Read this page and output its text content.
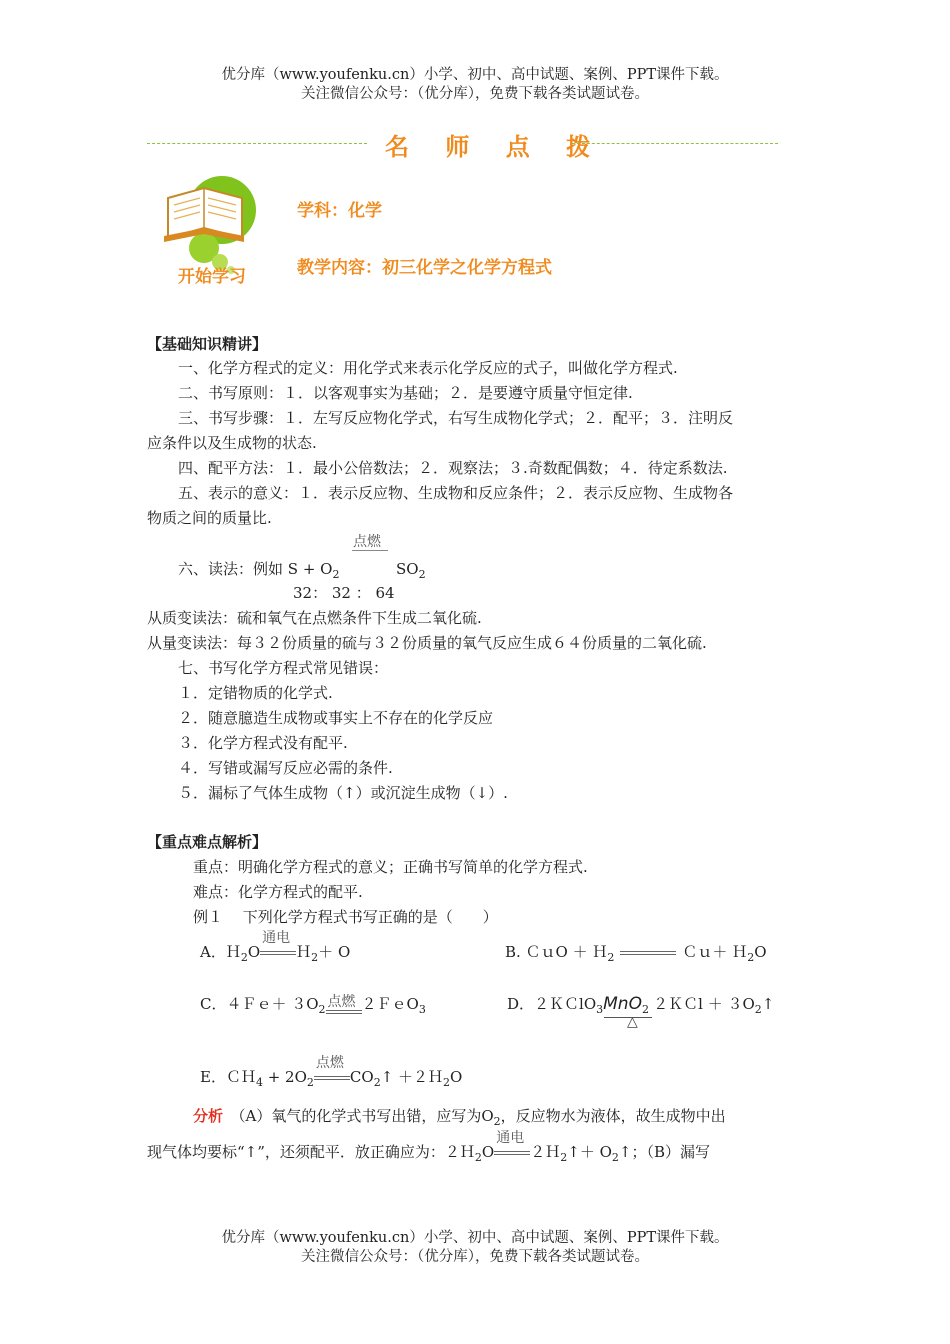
优分库（www.youfenku.cn）小学、初中、高中试题、案例、PPT课件下载。
关注微信公众号：（优分库），免费下载各类试题试卷。
名 师 点 拨
开始学习
学科：化学
教学内容：初三化学之化学方程式
【基础知识精讲】
一、化学方程式的定义：用化学式来表示化学反应的式子，叫做化学方程式.
二、书写原则：１．以客观事实为基础；２．是要遵守质量守恒定律.
三、书写步骤：１．左写反应物化学式，右写生成物化学式；２．配平；３．注明反
应条件以及生成物的状态.
四、配平方法：１．最小公倍数法；２．观察法；３.奇数配偶数；４．待定系数法.
五、表示的意义：１．表示反应物、生成物和反应条件；２．表示反应物、生成物各
物质之间的质量比.
点燃
六、读法：例如 $S + O_2$	$SO_2$
32： 32 ： 64
从质变读法：硫和氧气在点燃条件下生成二氧化硫.
从量变读法：每３２份质量的硫与３２份质量的氧气反应生成６４份质量的二氧化硫.
七、书写化学方程式常见错误：
１．定错物质的化学式.
２．随意臆造生成物或事实上不存在的化学反应
３．化学方程式没有配平.
４．写错或漏写反应必需的条件.
５．漏标了气体生成物（↑）或沉淀生成物（↓）.
【重点难点解析】
重点：明确化学方程式的意义；正确书写简单的化学方程式.
难点：化学方程式的配平.
例１　 下列化学方程式书写正确的是（　　）
A．Ｈ$_2$O
通电
Ｈ$_2$＋ O	B. ＣｕO ＋ Ｈ$_2$	Ｃｕ＋ Ｈ$_2$O
C．４Ｆｅ＋ $3O_2$ 点燃 ２ＦｅO$_3$	D．２ＫＣlO$_3$MnO$_2$ ２ＫＣl ＋ $3O_2↑$
△
E．ＣＨ$_4$ + $2O_2$
点燃
$CO_2↑$ ＋２Ｈ$_2$O
分析　（A）氧气的化学式书写出错，应写为$O_2$，反应物水为液体，故生成物中出
现气体均要标“↑”，还须配平．放正确应为：２Ｈ$_2$O
通电
２Ｈ$_2$↑＋ $O_2↑$；（B）漏写
优分库（www.youfenku.cn）小学、初中、高中试题、案例、PPT课件下载。
关注微信公众号：（优分库），免费下载各类试题试卷。
